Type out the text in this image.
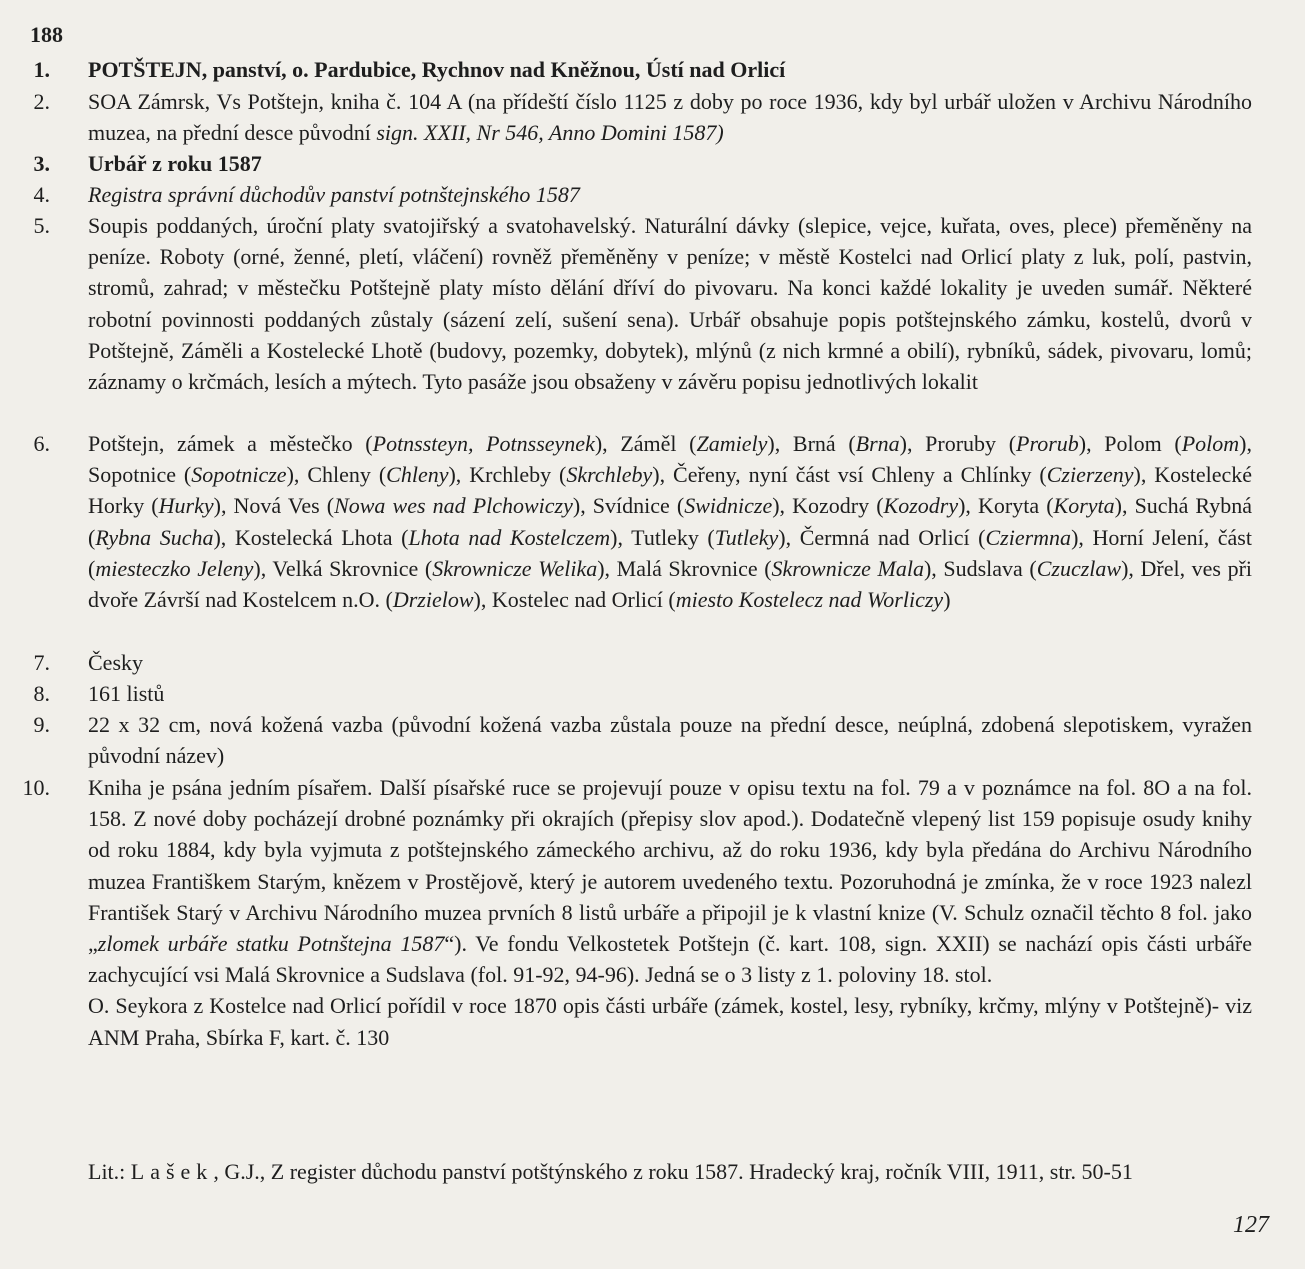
188
1. POTŠTEJN, panství, o. Pardubice, Rychnov nad Kněžnou, Ústí nad Orlicí
2. SOA Zámrsk, Vs Potštejn, kniha č. 104 A (na přídeští číslo 1125 z doby po roce 1936, kdy byl urbář uložen v Archivu Národního muzea, na přední desce původní sign. XXII, Nr 546, Anno Domini 1587)
3. Urbář z roku 1587
4. Registra správní důchodův panství potnštejnského 1587
5. Soupis poddaných, úroční platy svatojiřský a svatohavelský. Naturální dávky (slepice, vejce, kuřata, oves, plece) přeměněny na peníze. Roboty (orné, ženné, pletí, vláčení) rovněž přeměněny v peníze; v městě Kostelci nad Orlicí platy z luk, polí, pastvin, stromů, zahrad; v městečku Potštejně platy místo dělání dříví do pivovaru. Na konci každé lokality je uveden sumář. Některé robotní povinnosti poddaných zůstaly (sázení zelí, sušení sena). Urbář obsahuje popis potštejnského zámku, kostelů, dvorů v Potštejně, Záměli a Kostelecké Lhotě (budovy, pozemky, dobytek), mlýnů (z nich krmné a obilí), rybníků, sádek, pivovaru, lomů; záznamy o krčmách, lesích a mýtech. Tyto pasáže jsou obsaženy v závěru popisu jednotlivých lokalit
6. Potštejn, zámek a městečko (Potnssteyn, Potnsseynek), Záměl (Zamiely), Brná (Brna), Proruby (Prorub), Polom (Polom), Sopotnice (Sopotnicze), Chleny (Chleny), Krchleby (Skrchleby), Čeřeny, nyní část vsí Chleny a Chlínky (Czierzeny), Kostelecké Horky (Hurky), Nová Ves (Nowa wes nad Plchowiczy), Svídnice (Swidnicze), Kozodry (Kozodry), Koryta (Koryta), Suchá Rybná (Rybna Sucha), Kostelecká Lhota (Lhota nad Kostelczem), Tutleky (Tutleky), Čermná nad Orlicí (Cziermna), Horní Jelení, část (miesteczko Jeleny), Velká Skrovnice (Skrownicze Welika), Malá Skrovnice (Skrownicze Mala), Sudslava (Czuczlaw), Dřel, ves při dvoře Závrší nad Kostelcem n.O. (Drzielow), Kostelec nad Orlicí (miesto Kostelecz nad Worliczy)
7. Česky
8. 161 listů
9. 22 x 32 cm, nová kožená vazba (původní kožená vazba zůstala pouze na přední desce, neúplná, zdobená slepotiskem, vyražen původní název)
10. Kniha je psána jedním písařem. Další písařské ruce se projevují pouze v opisu textu na fol. 79 a v poznámce na fol. 8O a na fol. 158. Z nové doby pocházejí drobné poznámky při okrajích (přepisy slov apod.). Dodatečně vlepený list 159 popisuje osudy knihy od roku 1884, kdy byla vyjmuta z potštejnského zámeckého archivu, až do roku 1936, kdy byla předána do Archivu Národního muzea Františkem Starým, knězem v Prostějově, který je autorem uvedeného textu. Pozoruhodná je zmínka, že v roce 1923 nalezl František Starý v Archivu Národního muzea prvních 8 listů urbáře a připojil je k vlastní knize (V. Schulz označil těchto 8 fol. jako „zlomek urbáře statku Potnštejna 1587“). Ve fondu Velkostetek Potštejn (č. kart. 108, sign. XXII) se nachází opis části urbáře zachycující vsi Malá Skrovnice a Sudslava (fol. 91-92, 94-96). Jedná se o 3 listy z 1. poloviny 18. stol.
O. Seykora z Kostelce nad Orlicí pořídil v roce 1870 opis části urbáře (zámek, kostel, lesy, rybníky, krčmy, mlýny v Potštejně)- viz ANM Praha, Sbírka F, kart. č. 130
Lit.: Lašek, G.J., Z register důchodu panství potštýnského z roku 1587. Hradecký kraj, ročník VIII, 1911, str. 50-51
127
